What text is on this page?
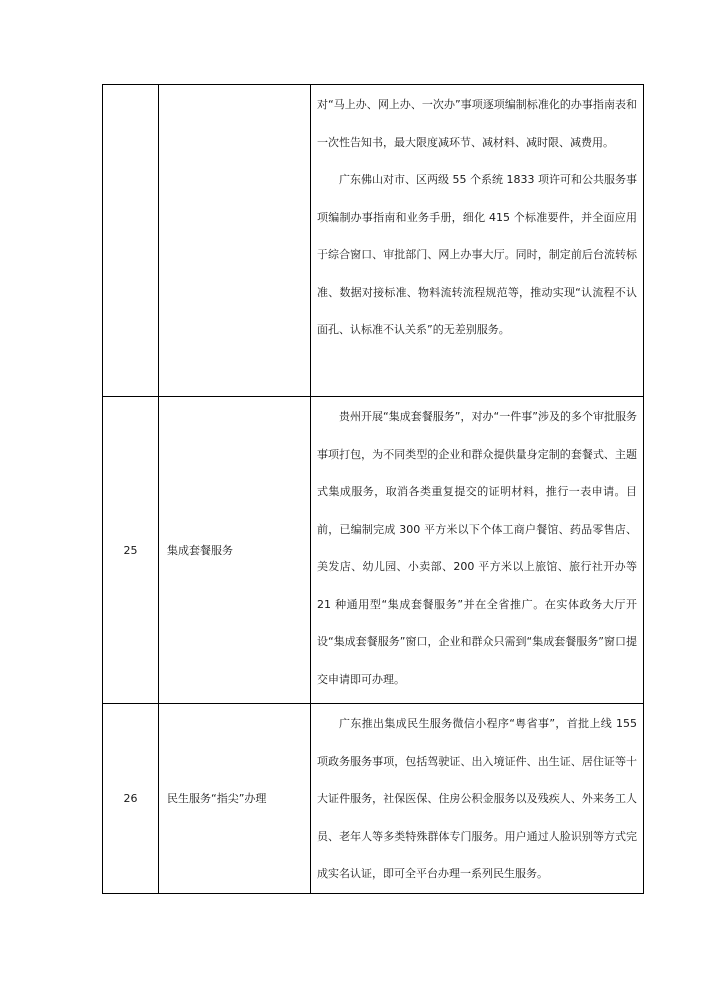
		对“马上办、网上办、一次办”事项逐项编制标准化的办事指南表和一次性告知书，最大限度减环节、减材料、减时限、减费用。

广东佛山对市、区两级 55 个系统 1833 项许可和公共服务事项编制办事指南和业务手册，细化 415 个标准要件，并全面应用于综合窗口、审批部门、网上办事大厅。同时，制定前后台流转标准、数据对接标准、物料流转流程规范等，推动实现“认流程不认面孔、认标准不认关系”的无差别服务。

25	集成套餐服务	贵州开展“集成套餐服务”，对办“一件事”涉及的多个审批服务事项打包，为不同类型的企业和群众提供量身定制的套餐式、主题式集成服务，取消各类重复提交的证明材料，推行一表申请。目前，已编制完成 300 平方米以下个体工商户餐馆、药品零售店、美发店、幼儿园、小卖部、200 平方米以上旅馆、旅行社开办等 21 种通用型“集成套餐服务”并在全省推广。在实体政务大厅开设“集成套餐服务”窗口，企业和群众只需到“集成套餐服务”窗口提交申请即可办理。

26	民生服务“指尖”办理	广东推出集成民生服务微信小程序“粤省事”，首批上线 155 项政务服务事项，包括驾驶证、出入境证件、出生证、居住证等十大证件服务，社保医保、住房公积金服务以及残疾人、外来务工人员、老年人等多类特殊群体专门服务。用户通过人脸识别等方式完成实名认证，即可全平台办理一系列民生服务。
